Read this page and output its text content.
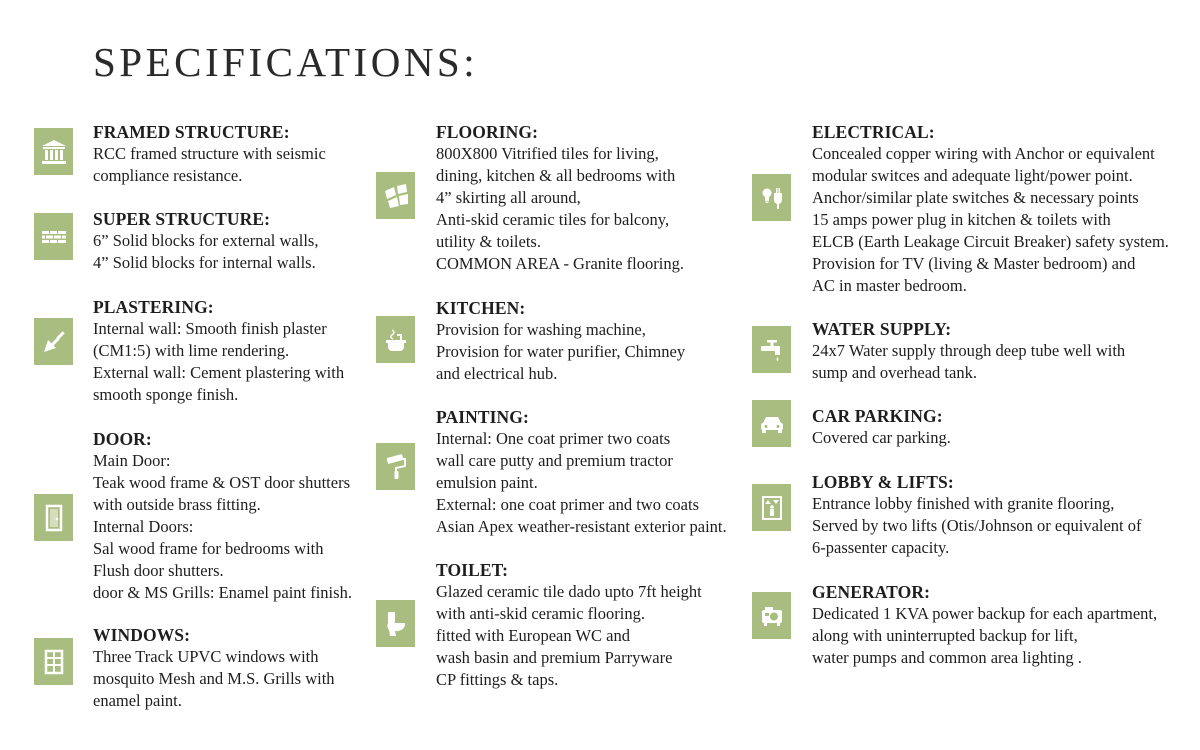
SPECIFICATIONS:
FRAMED STRUCTURE:
RCC framed structure with seismic
compliance resistance.
SUPER STRUCTURE:
6” Solid blocks for external walls,
4” Solid blocks for internal walls.
PLASTERING:
Internal wall: Smooth finish plaster
(CM1:5) with lime rendering.
External wall: Cement plastering with
smooth sponge finish.
DOOR:
Main Door:
Teak wood frame & OST door shutters
with outside brass fitting.
Internal Doors:
Sal wood frame for bedrooms with
Flush door shutters.
door & MS Grills: Enamel paint finish.
WINDOWS:
Three Track UPVC windows with
mosquito Mesh and M.S. Grills with
enamel paint.
FLOORING:
800X800 Vitrified tiles for living,
dining, kitchen & all bedrooms with
4” skirting all around,
Anti-skid ceramic tiles for balcony,
utility & toilets.
COMMON AREA - Granite flooring.
KITCHEN:
Provision for washing machine,
Provision for water purifier, Chimney
and electrical hub.
PAINTING:
Internal: One coat primer two coats
wall care putty and premium tractor
emulsion paint.
External: one coat primer and two coats
Asian Apex weather-resistant exterior paint.
TOILET:
Glazed ceramic tile dado upto 7ft height
with anti-skid ceramic flooring.
fitted with European WC and
wash basin and premium Parryware
CP fittings & taps.
ELECTRICAL:
Concealed copper wiring with Anchor or equivalent
modular switces and adequate light/power point.
Anchor/similar plate switches & necessary points
15 amps power plug in kitchen & toilets with
ELCB (Earth Leakage Circuit Breaker) safety system.
Provision for TV (living & Master bedroom) and
AC in master bedroom.
WATER SUPPLY:
24x7 Water supply through deep tube well with
sump and overhead tank.
CAR PARKING:
Covered car parking.
LOBBY & LIFTS:
Entrance lobby finished with granite flooring,
Served by two lifts (Otis/Johnson or equivalent of
6-passenter capacity.
GENERATOR:
Dedicated 1 KVA power backup for each apartment,
along with uninterrupted backup for lift,
water pumps and common area lighting .
